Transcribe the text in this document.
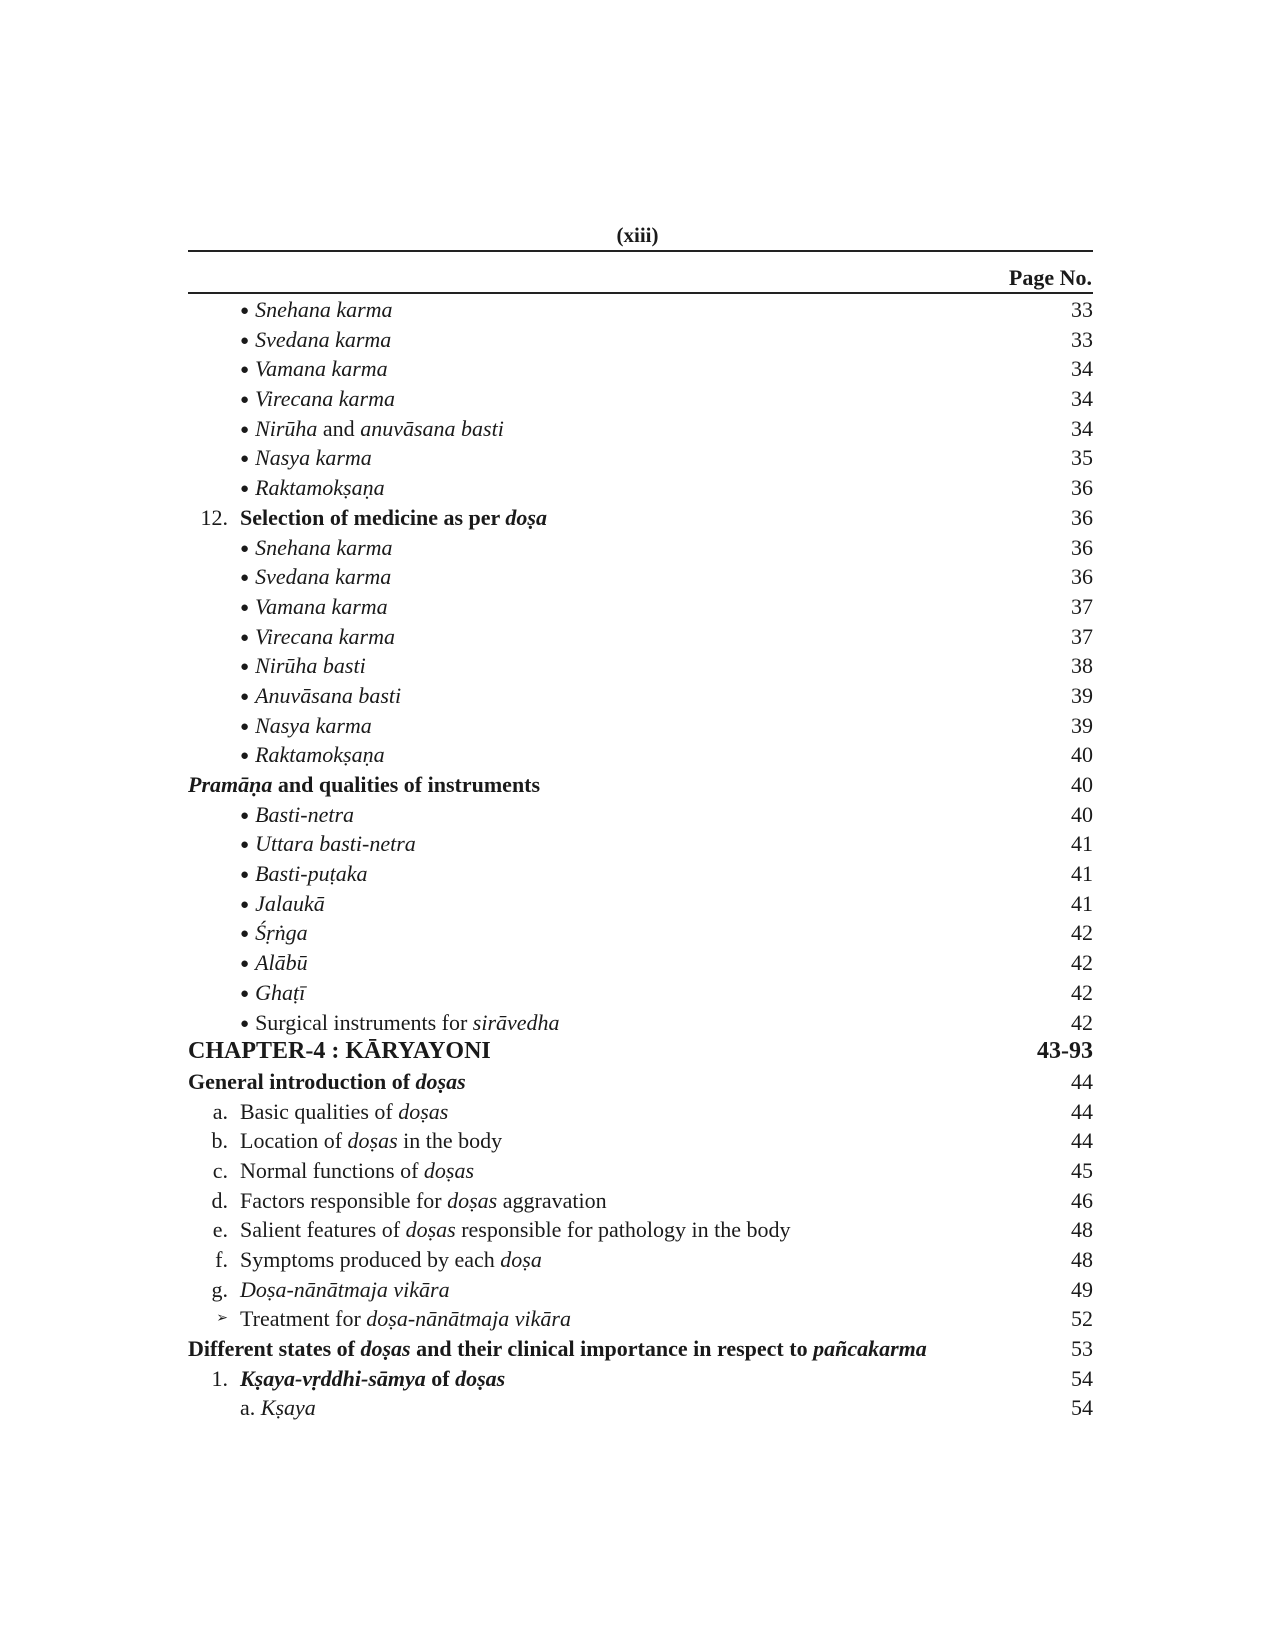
(xiii)
Page No.
● Snehana karma	33
● Svedana karma	33
● Vamana karma	34
● Virecana karma	34
● Nirūha and anuvāsana basti	34
● Nasya karma	35
● Raktamokṣaṇa	36
12. Selection of medicine as per doṣa	36
● Snehana karma	36
● Svedana karma	36
● Vamana karma	37
● Virecana karma	37
● Nirūha basti	38
● Anuvāsana basti	39
● Nasya karma	39
● Raktamokṣaṇa	40
Pramāṇa and qualities of instruments	40
● Basti-netra	40
● Uttara basti-netra	41
● Basti-puṭaka	41
● Jalaukā	41
● Śṛṅga	42
● Alābū	42
● Ghaṭī	42
● Surgical instruments for sirāvedha	42
CHAPTER-4 : KĀRYAYONI	43-93
General introduction of doṣas	44
a. Basic qualities of doṣas	44
b. Location of doṣas in the body	44
c. Normal functions of doṣas	45
d. Factors responsible for doṣas aggravation	46
e. Salient features of doṣas responsible for pathology in the body	48
f. Symptoms produced by each doṣa	48
g. Doṣa-nānātmaja vikāra	49
➢ Treatment for doṣa-nānātmaja vikāra	52
Different states of doṣas and their clinical importance in respect to pañcakarma	53
1. Kṣaya-vṛddhi-sāmya of doṣas	54
a. Kṣaya	54
